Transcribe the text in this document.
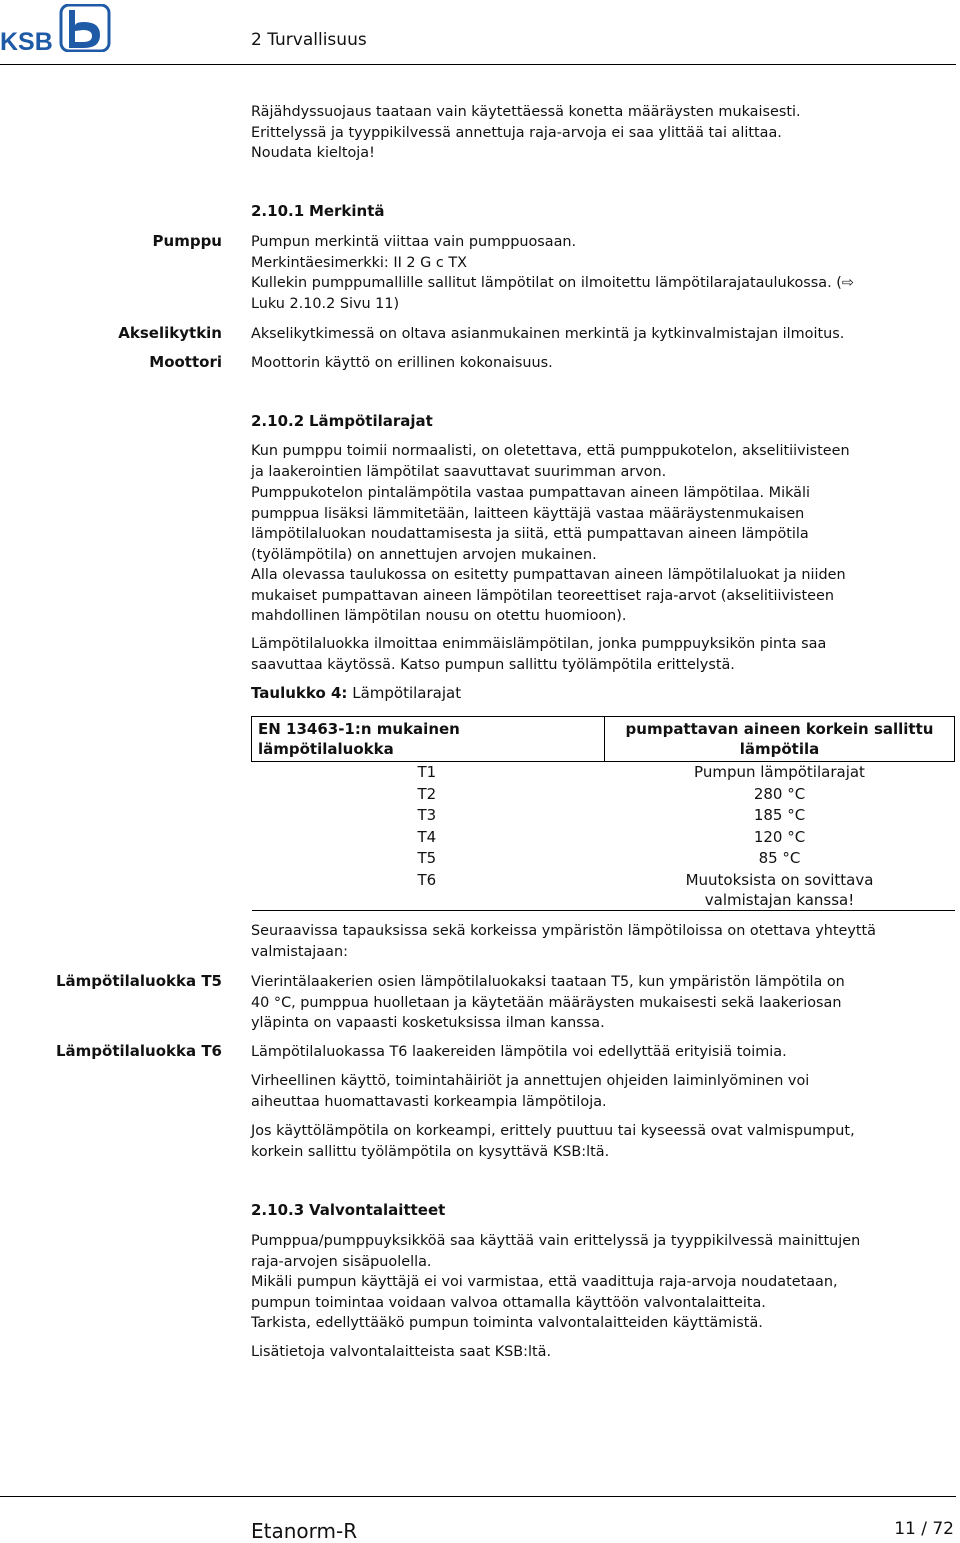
KSB	2 Turvallisuus
Räjähdyssuojaus taataan vain käytettäessä konetta määräysten mukaisesti.
Erittelyssä ja tyyppikilvessä annettuja raja-arvoja ei saa ylittää tai alittaa.
Noudata kieltoja!
2.10.1 Merkintä
Pumppu Pumpun merkintä viittaa vain pumppuosaan.
Merkintäesimerkki: II 2 G c TX
Kullekin pumppumallille sallitut lämpötilat on ilmoitettu lämpötilarajataulukossa. (⇨
Luku 2.10.2 Sivu 11)
Akselikytkin Akselikytkimessä on oltava asianmukainen merkintä ja kytkinvalmistajan ilmoitus.
Moottori Moottorin käyttö on erillinen kokonaisuus.
2.10.2 Lämpötilarajat
Kun pumppu toimii normaalisti, on oletettava, että pumppukotelon, akselitiivisteen
ja laakerointien lämpötilat saavuttavat suurimman arvon.
Pumppukotelon pintalämpötila vastaa pumpattavan aineen lämpötilaa. Mikäli
pumppua lisäksi lämmitetään, laitteen käyttäjä vastaa määräystenmukaisen
lämpötilaluokan noudattamisesta ja siitä, että pumpattavan aineen lämpötila
(työlämpötila) on annettujen arvojen mukainen.
Alla olevassa taulukossa on esitetty pumpattavan aineen lämpötilaluokat ja niiden
mukaiset pumpattavan aineen lämpötilan teoreettiset raja-arvot (akselitiivisteen
mahdollinen lämpötilan nousu on otettu huomioon).
Lämpötilaluokka ilmoittaa enimmäislämpötilan, jonka pumppuyksikön pinta saa
saavuttaa käytössä. Katso pumpun sallittu työlämpötila erittelystä.
Taulukko 4: Lämpötilarajat
EN 13463-1:n mukainen lämpötilaluokka	pumpattavan aineen korkein sallittu lämpötila
T1	Pumpun lämpötilarajat
T2	280 °C
T3	185 °C
T4	120 °C
T5	85 °C
T6	Muutoksista on sovittava valmistajan kanssa!
Seuraavissa tapauksissa sekä korkeissa ympäristön lämpötiloissa on otettava yhteyttä
valmistajaan:
Lämpötilaluokka T5 Vierintälaakerien osien lämpötilaluokaksi taataan T5, kun ympäristön lämpötila on
40 °C, pumppua huolletaan ja käytetään määräysten mukaisesti sekä laakeriosan
yläpinta on vapaasti kosketuksissa ilman kanssa.
Lämpötilaluokka T6 Lämpötilaluokassa T6 laakereiden lämpötila voi edellyttää erityisiä toimia.
Virheellinen käyttö, toimintahäiriöt ja annettujen ohjeiden laiminlyöminen voi
aiheuttaa huomattavasti korkeampia lämpötiloja.
Jos käyttölämpötila on korkeampi, erittely puuttuu tai kyseessä ovat valmispumput,
korkein sallittu työlämpötila on kysyttävä KSB:ltä.
2.10.3 Valvontalaitteet
Pumppua/pumppuyksikköä saa käyttää vain erittelyssä ja tyyppikilvessä mainittujen
raja-arvojen sisäpuolella.
Mikäli pumpun käyttäjä ei voi varmistaa, että vaadittuja raja-arvoja noudatetaan,
pumpun toimintaa voidaan valvoa ottamalla käyttöön valvontalaitteita.
Tarkista, edellyttääkö pumpun toiminta valvontalaitteiden käyttämistä.
Lisätietoja valvontalaitteista saat KSB:ltä.
Etanorm-R	11 / 72
